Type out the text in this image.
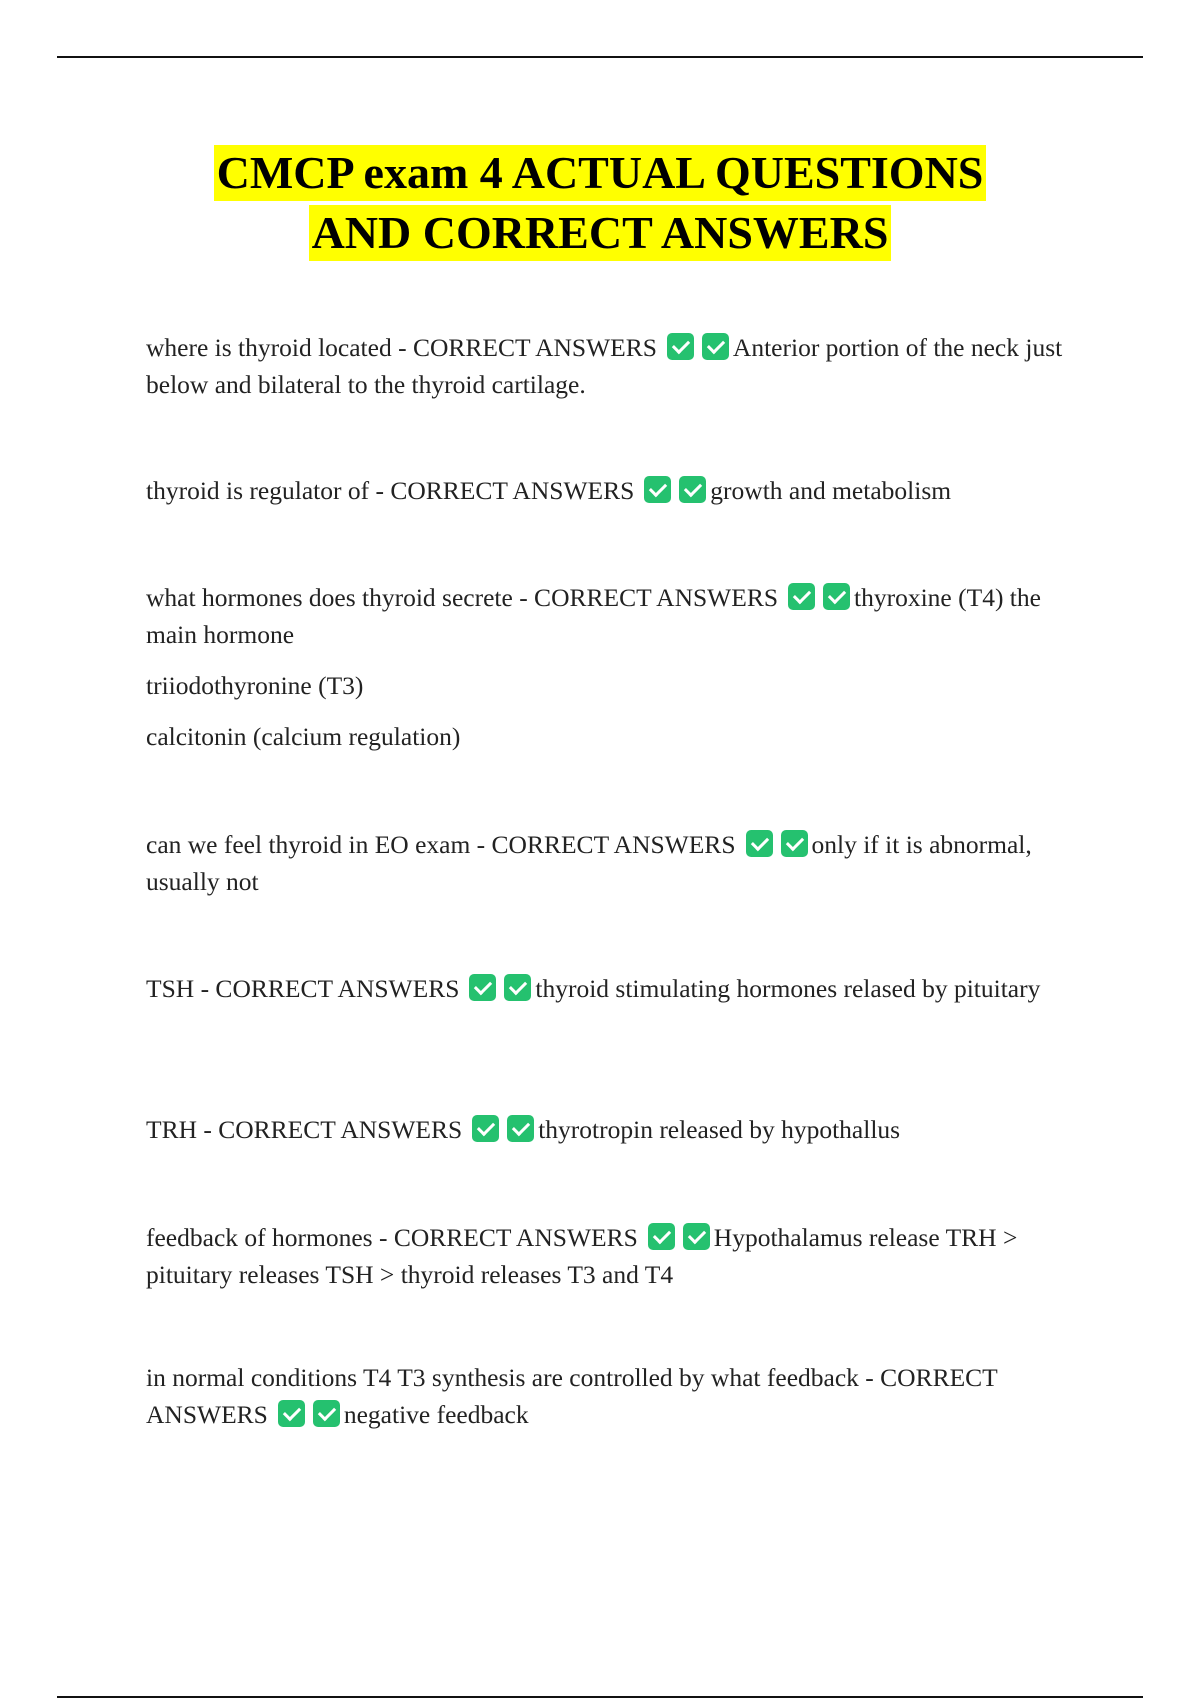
CMCP exam 4 ACTUAL QUESTIONS
AND CORRECT ANSWERS

where is thyroid located - CORRECT ANSWERS	Anterior portion of the neck just below and bilateral to the thyroid cartilage.

thyroid is regulator of - CORRECT ANSWERS	growth and metabolism

what hormones does thyroid secrete - CORRECT ANSWERS	thyroxine (T4) the main hormone

triiodothyronine (T3)

calcitonin (calcium regulation)

can we feel thyroid in EO exam - CORRECT ANSWERS	only if it is abnormal, usually not

TSH - CORRECT ANSWERS	thyroid stimulating hormones relased by pituitary

TRH - CORRECT ANSWERS	thyrotropin released by hypothallus

feedback of hormones - CORRECT ANSWERS	Hypothalamus release TRH > pituitary releases TSH > thyroid releases T3 and T4

in normal conditions T4 T3 synthesis are controlled by what feedback - CORRECT ANSWERS	negative feedback
